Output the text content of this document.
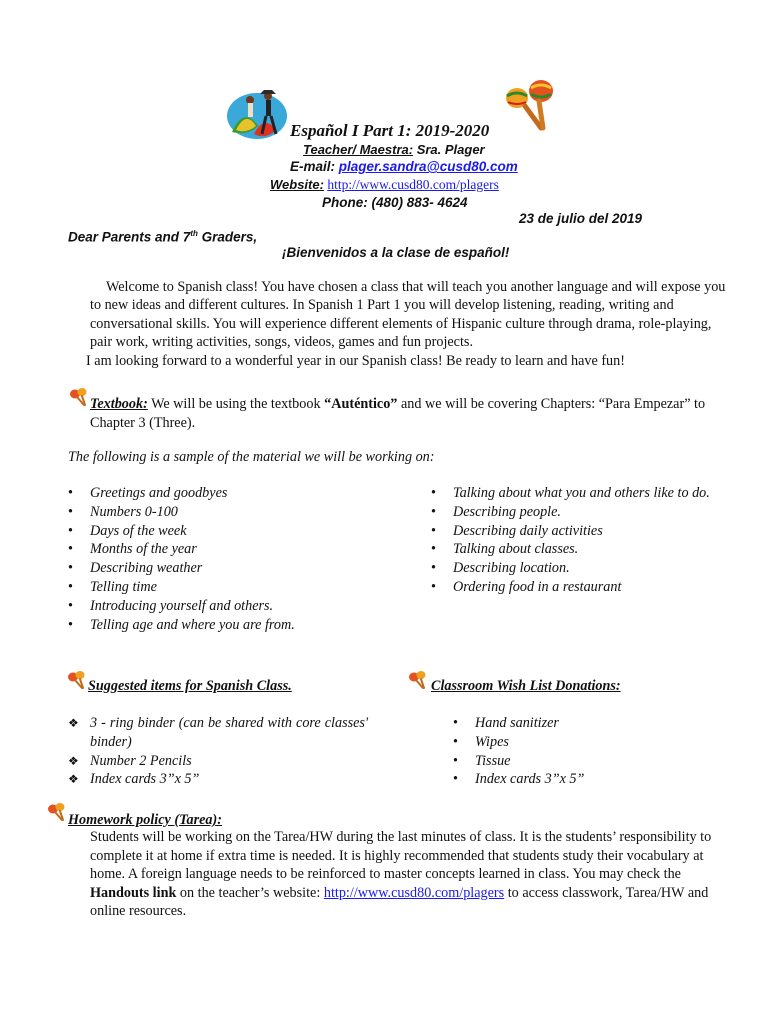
Español I Part 1: 2019-2020
Teacher/ Maestra: Sra. Plager
E-mail: plager.sandra@cusd80.com
Website: http://www.cusd80.com/plagers
Phone: (480) 883- 4624
23 de julio del 2019
Dear Parents and 7th Graders,
¡Bienvenidos a la clase de español!

Welcome to Spanish class! You have chosen a class that will teach you another language and will expose you to new ideas and different cultures. In Spanish 1 Part 1 you will develop listening, reading, writing and conversational skills. You will experience different elements of Hispanic culture through drama, role-playing, pair work, writing activities, songs, videos, games and fun projects.

I am looking forward to a wonderful year in our Spanish class! Be ready to learn and have fun!

Textbook: We will be using the textbook “Auténtico” and we will be covering Chapters: “Para Empezar” to Chapter 3 (Three).
The following is a sample of the material we will be working on:
• Greetings and goodbyes
• Numbers 0-100
• Days of the week
• Months of the year
• Describing weather
• Telling time
• Introducing yourself and others.
• Telling age and where you are from.
• Talking about what you and others like to do.
• Describing people.
• Describing daily activities
• Talking about classes.
• Describing location.
• Ordering food in a restaurant
Suggested items for Spanish Class.	Classroom Wish List Donations:
❖ 3 - ring binder (can be shared with core classes' binder)
❖ Number 2 Pencils
❖ Index cards 3”x 5”
• Hand sanitizer
• Wipes
• Tissue
• Index cards 3”x 5”
Homework policy (Tarea):

Students will be working on the Tarea/HW during the last minutes of class. It is the students’ responsibility to complete it at home if extra time is needed. It is highly recommended that students study their vocabulary at home. A foreign language needs to be reinforced to master concepts learned in class. You may check the Handouts link on the teacher’s website: http://www.cusd80.com/plagers to access classwork, Tarea/HW and online resources.
